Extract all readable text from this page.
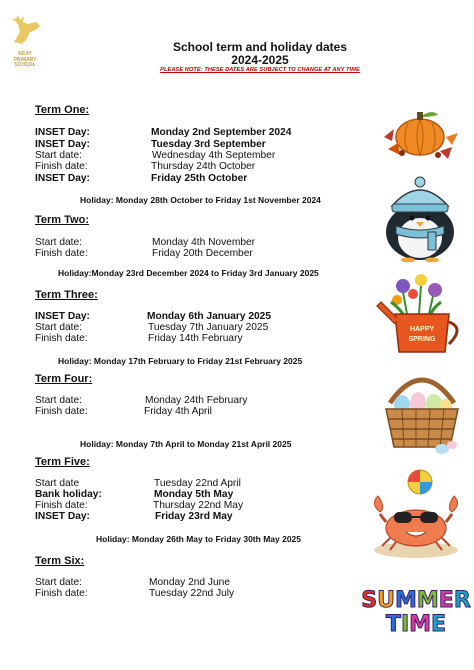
REAY
PRIMARY
SCHOOL
School term and holiday dates
2024-2025
PLEASE NOTE: THESE DATES ARE SUBJECT TO CHANGE AT ANY TIME
Term One:
INSET Day:	Monday 2nd September 2024
INSET Day:	Tuesday 3rd September
Start date:	Wednesday 4th September
Finish date:	Thursday 24th October
INSET Day:	Friday 25th October
Holiday: Monday 28th October to Friday 1st November 2024
Term Two:
Start date:	Monday 4th November
Finish date:	Friday 20th December
Holiday:Monday 23rd December 2024 to Friday 3rd January 2025
Term Three:
INSET Day:	Monday 6th January 2025
Start date:	Tuesday 7th January 2025
Finish date:	Friday 14th February
Holiday: Monday 17th February to Friday 21st February 2025
Term Four:
Start date:	Monday 24th February
Finish date:	Friday 4th April
Holiday: Monday 7th April to Monday 21st April 2025
Term Five:
Start date	Tuesday 22nd April
Bank holiday:	Monday 5th May
Finish date:	Thursday 22nd May
INSET Day:	Friday 23rd May
Holiday: Monday 26th May to Friday 30th May 2025
Term Six:
Start date:	Monday 2nd June
Finish date:	Tuesday 22nd July
HAPPY
SPRING
S U M M E R
T I M E
